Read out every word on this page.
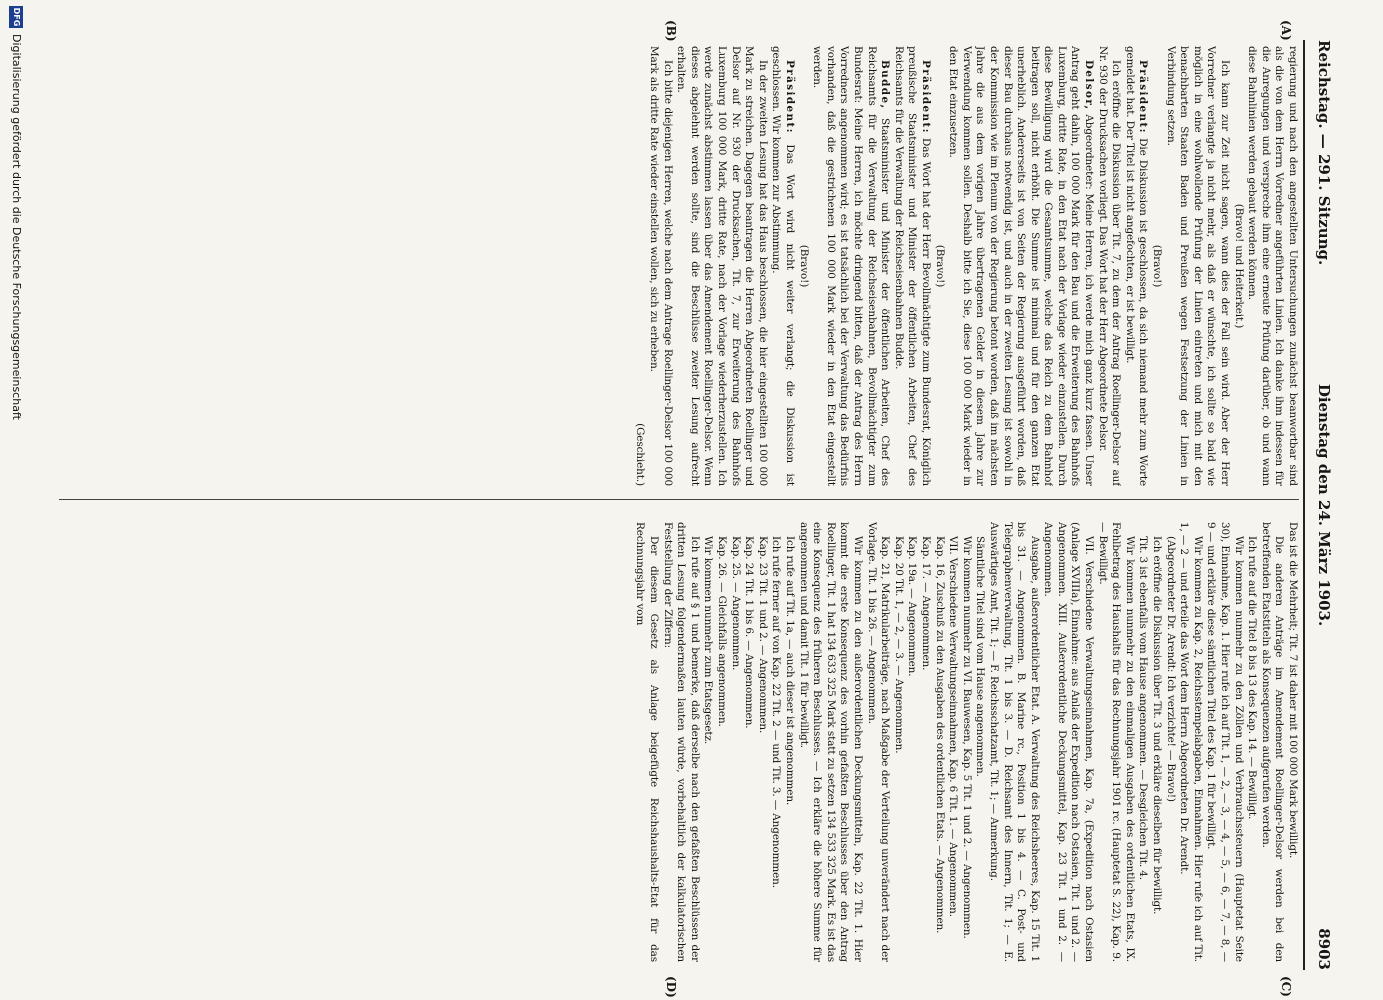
Reichstag. — 291. Sitzung.
Dienstag den 24. März 1903.
8903
(A)
(B)
(C)
(D)

regierung und nach den angestellten Untersuchungen zunächst beanwortbar sind als die von dem Herrn Vorredner angeführten Linien. Ich danke ihm indessen für die Anregungen und verspreche ihm eine erneute Prüfung darüber, ob und wann diese Bahnlinien werden gebaut werden können.

(Bravo! und Heiterkeit.)

Ich kann zur Zeit nicht sagen, wann dies der Fall sein wird. Aber der Herr Vorredner verlangte ja nicht mehr, als daß er wünschte, ich sollte so bald wie möglich in eine wohlwollende Prüfung der Linien eintreten und mich mit den benachbarten Staaten Baden und Preußen wegen Festsetzung der Linien in Verbindung setzen.

(Bravo!)

Präsident: Die Diskussion ist geschlossen, da sich niemand mehr zum Worte gemeldet hat. Der Titel ist nicht angefochten, er ist bewilligt.

Ich eröffne die Diskussion über Tit. 7, zu dem der Antrag Roellinger-Delsor auf Nr. 930 der Drucksachen vorliegt. Das Wort hat der Herr Abgeordnete Delsor.

Delsor, Abgeordneter: Meine Herren, ich werde mich ganz kurz fassen. Unser Antrag geht dahin, 100 000 Mark für den Bau und die Erweiterung des Bahnhofs Luxemburg, dritte Rate, in den Etat nach der Vorlage wieder einzustellen. Durch diese Bewilligung wird die Gesamtsumme, welche das Reich zu dem Bahnhof beitragen soll, nicht erhöht. Die Summe ist minimal und für den ganzen Etat unerheblich. Andererseits ist von Seiten der Regierung ausgeführt worden, daß dieser Bau durchaus notwendig ist, und auch in der zweiten Lesung ist sowohl in der Kommission wie im Plenum von der Regierung betont worden, daß im nächsten Jahre die aus dem vorigen Jahre übertragenen Gelder in diesem Jahre zur Verwendung kommen sollen. Deshalb bitte ich Sie, diese 100 000 Mark wieder in den Etat einzusetzen.

(Bravo!)

Präsident: Das Wort hat der Herr Bevollmächtigte zum Bundesrat, Königlich preußische Staatsminister und Minister der öffentlichen Arbeiten, Chef des Reichsamts für die Verwaltung der Reichseisenbahnen Budde.

Budde, Staatsminister und Minister der öffentlichen Arbeiten, Chef des Reichsamts für die Verwaltung der Reichseisenbahnen, Bevollmächtigter zum Bundesrat: Meine Herren, ich möchte dringend bitten, daß der Antrag des Herrn Vorredners angenommen wird; es ist tatsächlich bei der Verwaltung das Bedürfnis vorhanden, daß die gestrichenen 100 000 Mark wieder in den Etat eingestellt werden.

(Bravo!)

Präsident: Das Wort wird nicht weiter verlangt; die Diskussion ist geschlossen. Wir kommen zur Abstimmung.

In der zweiten Lesung hat das Haus beschlossen, die hier eingestellten 100 000 Mark zu streichen. Dagegen beantragen die Herren Abgeordneten Roellinger und Delsor auf Nr. 930 der Drucksachen, Tit. 7, zur Erweiterung des Bahnhofs Luxemburg 100 000 Mark, dritte Rate, nach der Vorlage wiederherzustellen. Ich werde zunächst abstimmen lassen über das Amendement Roellinger-Delsor. Wenn dieses abgelehnt werden sollte, sind die Beschlüsse zweiter Lesung aufrecht erhalten.

Ich bitte diejenigen Herren, welche nach dem Antrage Roellinger-Delsor 100 000 Mark als dritte Rate wieder einstellen wollen, sich zu erheben.

(Geschieht.)

Das ist die Mehrheit; Tit. 7 ist daher mit 100 000 Mark bewilligt.

Die anderen Anträge im Amendement Roellinger-Delsor werden bei den betreffenden Etatstiteln als Konsequenzen aufgerufen werden.

Ich rufe auf die Titel 8 bis 13 des Kap. 14. — Bewilligt.

Wir kommen nunmehr zu den Zöllen und Verbrauchssteuern (Hauptetat Seite 30), Einnahme, Kap. 1. Hier rufe ich auf Tit. 1, — 2, — 3, — 4, — 5, — 6, — 7, — 8, — 9 — und erkläre diese sämtlichen Titel des Kap. 1 für bewilligt.

Wir kommen zu Kap. 2, Reichsstempelabgaben, Einnahmen. Hier rufe ich auf Tit. 1, — 2 — und erteile das Wort dem Herrn Abgeordneten Dr. Arendt.

(Abgeordneter Dr. Arendt: Ich verzichte! — Bravo!)

Ich eröffne die Diskussion über Tit. 3 und erkläre dieselben für bewilligt.

Tit. 3 ist ebenfalls vom Hause angenommen. — Desgleichen Tit. 4.

Wir kommen nunmehr zu den einmaligen Ausgaben des ordentlichen Etats, IX. Fehlbetrag des Haushalts für das Rechnungsjahr 1901 rc. (Hauptetat S. 22), Kap. 9. — Bewilligt.

VII. Verschiedene Verwaltungseinnahmen, Kap. 7a, (Expedition nach Ostasien (Anlage XVIIIa), Einnahme: aus Anlaß der Expedition nach Ostasien, Tit. 1 und 2. — Angenommen. XIII. Außerordentliche Deckungsmittel, Kap. 23 Tit. 1 und 2. — Angenommen.

Ausgabe, außerordentlicher Etat. A. Verwaltung des Reichsheeres, Kap. 15 Tit. 1 bis 31. — Angenommen. B. Marine rc., Position 1 bis 4. — C. Post- und Telegraphenverwaltung, Tit. 1 bis 3. — D. Reichsamt des Innern, Tit. 1; — E. Auswärtiges Amt, Tit. 1; — F. Reichsschatzamt, Tit. 1; — Anmerkung.

Sämtliche Titel sind vom Hause angenommen.

Wir kommen nunmehr zu VI. Bauwesen, Kap. 5 Tit. 1 und 2. — Angenommen.

VII. Verschiedene Verwaltungseinnahmen, Kap. 6 Tit. 1. — Angenommen.

Kap. 16, Zuschuß zu den Ausgaben des ordentlichen Etats. — Angenommen.

Kap. 17. — Angenommen.

Kap. 19a. — Angenommen.

Kap. 20 Tit. 1, — 2, — 3. — Angenommen.

Kap. 21, Matrikularbeiträge, nach Maßgabe der Verteilung unverändert nach der Vorlage. Tit. 1 bis 26. — Angenommen.

Wir kommen zu den außerordentlichen Deckungsmitteln, Kap. 22 Tit. 1. Hier kommt die erste Konsequenz des vorhin gefaßten Beschlusses über den Antrag Roellinger, Tit. 1 hat 134 633 325 Mark statt zu setzen 134 533 325 Mark. Es ist das eine Konsequenz des früheren Beschlusses. — Ich erkläre die höhere Summe für angenommen und damit Tit. 1 für bewilligt.

Ich rufe auf Tit. 1a, — auch dieser ist angenommen.

Ich rufe ferner auf von Kap. 22 Tit. 2 — und Tit. 3. — Angenommen.

Kap. 23 Tit. 1 und 2. — Angenommen.

Kap. 24 Tit. 1 bis 6. — Angenommen.

Kap. 25. — Angenommen.

Kap. 26. — Gleichfalls angenommen.

Wir kommen nunmehr zum Etatsgesetz.

Ich rufe auf § 1 und bemerke, daß derselbe nach den gefaßten Beschlüssen der dritten Lesung folgendermaßen lauten würde, vorbehaltlich der kalkulatorischen Feststellung der Ziffern:

Der diesem Gesetz als Anlage beigefügte Reichshaushalts-Etat für das Rechnungsjahr vom

DFG
Digitalisierung gefördert durch die Deutsche Forschungsgemeinschaft
